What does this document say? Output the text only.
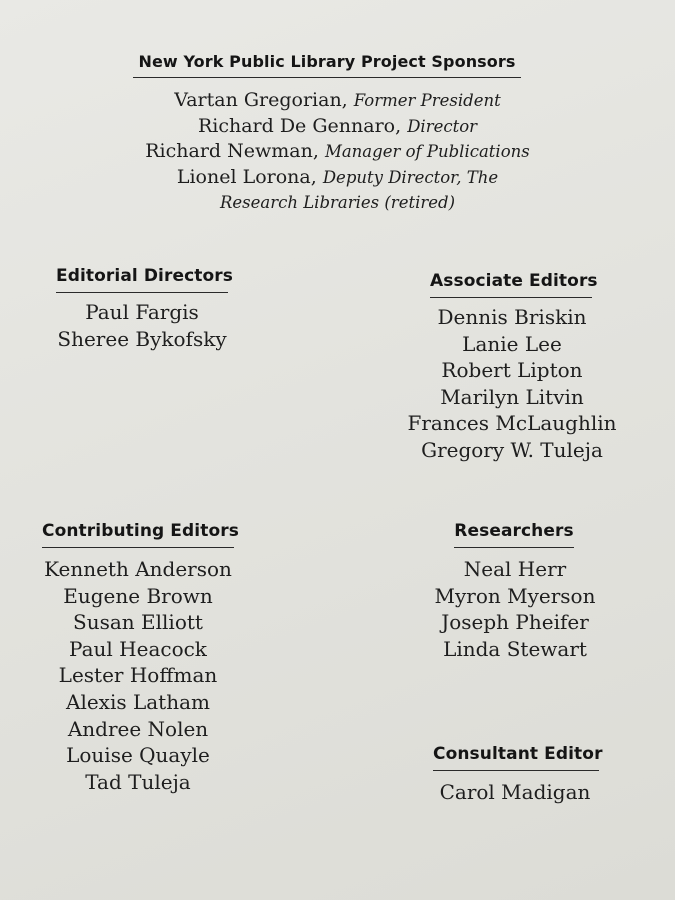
New York Public Library Project Sponsors
Vartan Gregorian, Former President
Richard De Gennaro, Director
Richard Newman, Manager of Publications
Lionel Lorona, Deputy Director, The
Research Libraries (retired)
Editorial Directors
Paul Fargis
Sheree Bykofsky
Associate Editors
Dennis Briskin
Lanie Lee
Robert Lipton
Marilyn Litvin
Frances McLaughlin
Gregory W. Tuleja
Contributing Editors
Kenneth Anderson
Eugene Brown
Susan Elliott
Paul Heacock
Lester Hoffman
Alexis Latham
Andree Nolen
Louise Quayle
Tad Tuleja
Researchers
Neal Herr
Myron Myerson
Joseph Pheifer
Linda Stewart
Consultant Editor
Carol Madigan
